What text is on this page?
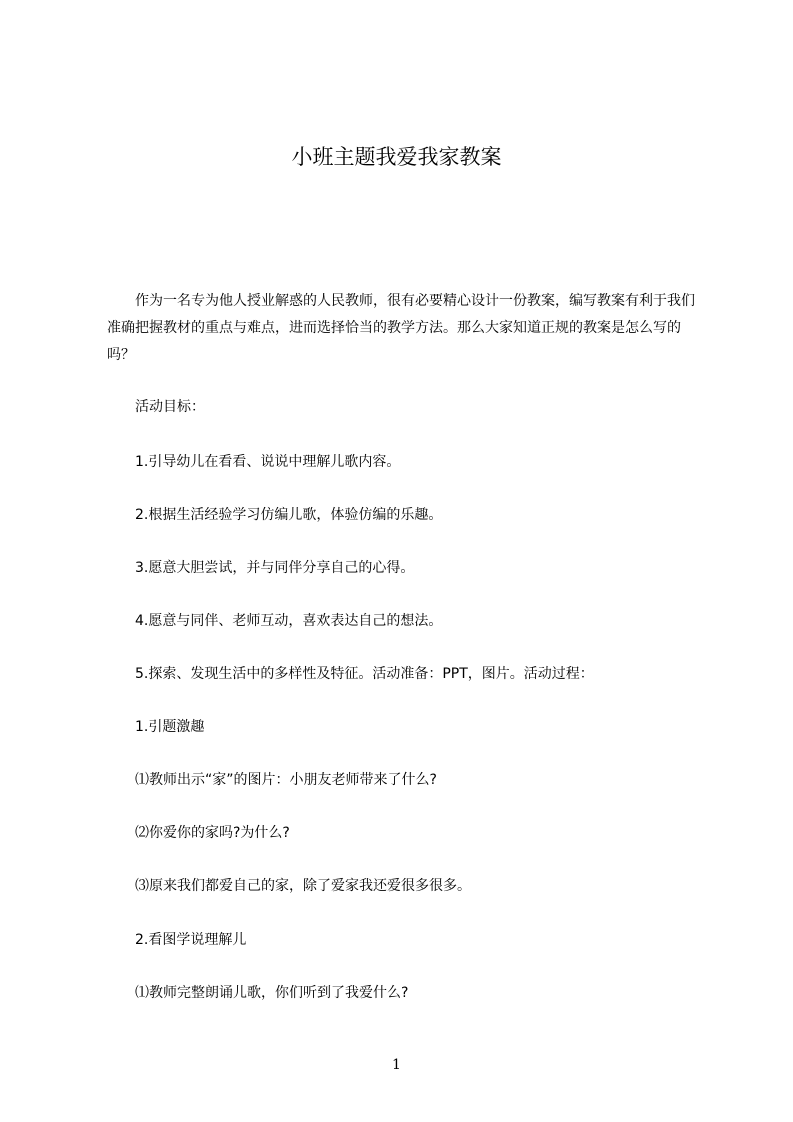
小班主题我爱我家教案

作为一名专为他人授业解惑的人民教师，很有必要精心设计一份教案，编写教案有利于我们准确把握教材的重点与难点，进而选择恰当的教学方法。那么大家知道正规的教案是怎么写的吗？

活动目标：

1.引导幼儿在看看、说说中理解儿歌内容。

2.根据生活经验学习仿编儿歌，体验仿编的乐趣。

3.愿意大胆尝试，并与同伴分享自己的心得。

4.愿意与同伴、老师互动，喜欢表达自己的想法。

5.探索、发现生活中的多样性及特征。活动准备：PPT，图片。活动过程：

1.引题激趣

⑴教师出示“家”的图片：小朋友老师带来了什么?

⑵你爱你的家吗?为什么?

⑶原来我们都爱自己的家，除了爱家我还爱很多很多。

2.看图学说理解儿

⑴教师完整朗诵儿歌，你们听到了我爱什么?

1
